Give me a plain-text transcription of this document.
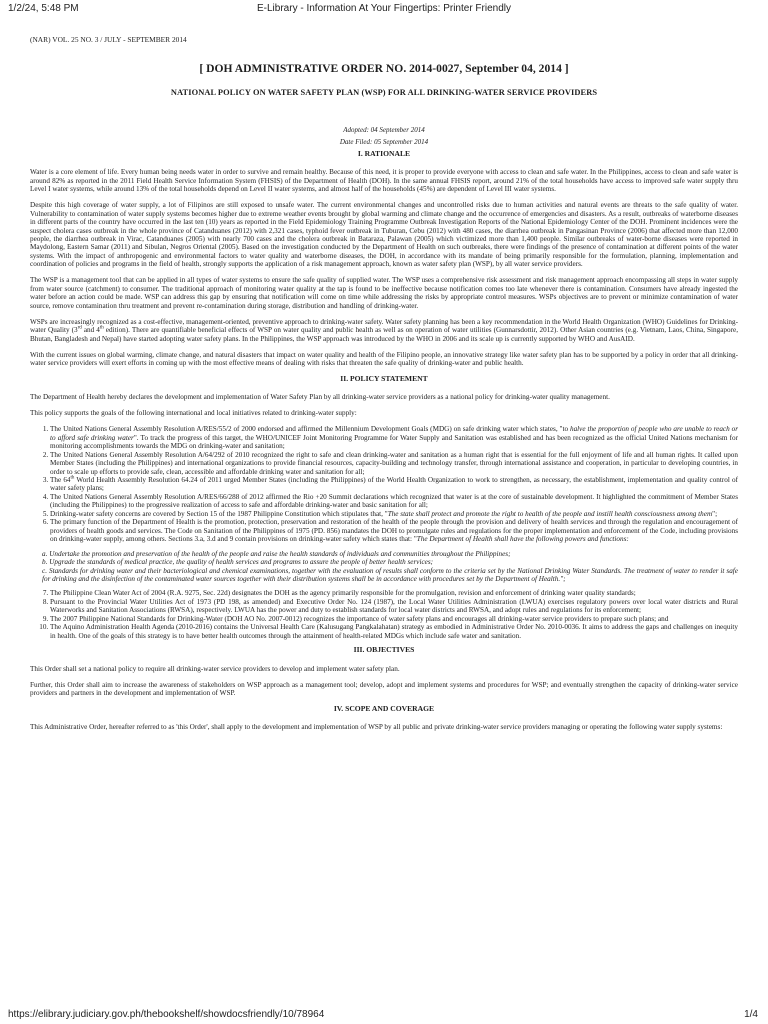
1/2/24, 5:48 PM	E-Library - Information At Your Fingertips: Printer Friendly
(NAR) VOL. 25 NO. 3 / JULY - SEPTEMBER 2014
[ DOH ADMINISTRATIVE ORDER NO. 2014-0027, September 04, 2014 ]
NATIONAL POLICY ON WATER SAFETY PLAN (WSP) FOR ALL DRINKING-WATER SERVICE PROVIDERS
Adopted: 04 September 2014
Date Filed: 05 September 2014
I. RATIONALE

Water is a core element of life. Every human being needs water in order to survive and remain healthy. Because of this need, it is proper to provide everyone with access to clean and safe water. In the Philippines, access to clean and safe water is around 82% as reported in the 2011 Field Health Service Information System (FHSIS) of the Department of Health (DOH). In the same annual FHSIS report, around 21% of the total households have access to improved safe water supply thru Level I water systems, while around 13% of the total households depend on Level II water systems, and almost half of the households (45%) are dependent of Level III water systems.

Despite this high coverage of water supply, a lot of Filipinos are still exposed to unsafe water. The current environmental changes and uncontrolled risks due to human activities and natural events are threats to the safe quality of water. Vulnerability to contamination of water supply systems becomes higher due to extreme weather events brought by global warming and climate change and the occurrence of emergencies and disasters. As a result, outbreaks of waterborne diseases in different parts of the country have occurred in the last ten (10) years as reported in the Field Epidemiology Training Programme Outbreak Investigation Reports of the National Epidemiology Center of the DOH. Prominent incidences were the suspect cholera cases outbreak in the whole province of Catanduanes (2012) with 2,321 cases, typhoid fever outbreak in Tuburan, Cebu (2012) with 480 cases, the diarrhea outbreak in Pangasinan Province (2006) that affected more than 12,000 people, the diarrhea outbreak in Virac, Catanduanes (2005) with nearly 700 cases and the cholera outbreak in Bataraza, Palawan (2005) which victimized more than 1,400 people. Similar outbreaks of water-borne diseases were reported in Maydolong, Eastern Samar (2011) and Sibulan, Negros Oriental (2005). Based on the investigation conducted by the Department of Health on such outbreaks, there were findings of the presence of contamination at different points of the water systems. With the impact of anthropogenic and environmental factors to water quality and waterborne diseases, the DOH, in accordance with its mandate of being primarily responsible for the formulation, planning, implementation and coordination of policies and programs in the field of health, strongly supports the application of a risk management approach, known as water safety plan (WSP), by all water service providers.

The WSP is a management tool that can be applied in all types of water systems to ensure the safe quality of supplied water. The WSP uses a comprehensive risk assessment and risk management approach encompassing all steps in water supply from water source (catchment) to consumer. The traditional approach of monitoring water quality at the tap is found to be ineffective because notification comes too late whenever there is contamination. Consumers have already ingested the water before an action could be made. WSP can address this gap by ensuring that notification will come on time while addressing the risks by appropriate control measures. WSPs objectives are to prevent or minimize contamination of water source, remove contamination thru treatment and prevent re-contamination during storage, distribution and handling of drinking-water.

WSPs are increasingly recognized as a cost-effective, management-oriented, preventive approach to drinking-water safety. Water safety planning has been a key recommendation in the World Health Organization (WHO) Guidelines for Drinking-water Quality (3rd and 4th edition). There are quantifiable beneficial effects of WSP on water quality and public health as well as on operation of water utilities (Gunnarsdottir, 2012). Other Asian countries (e.g. Vietnam, Laos, China, Singapore, Bhutan, Bangladesh and Nepal) have started adopting water safety plans. In the Philippines, the WSP approach was introduced by the WHO in 2006 and its scale up is currently supported by WHO and AusAID.

With the current issues on global warming, climate change, and natural disasters that impact on water quality and health of the Filipino people, an innovative strategy like water safety plan has to be supported by a policy in order that all drinking-water service providers will exert efforts in coming up with the most effective means of dealing with risks that threaten the safe quality of drinking-water and public health.

II. POLICY STATEMENT

The Department of Health hereby declares the development and implementation of Water Safety Plan by all drinking-water service providers as a national policy for drinking-water quality management.

This policy supports the goals of the following international and local initiatives related to drinking-water supply:

1. The United Nations General Assembly Resolution A/RES/55/2 of 2000 endorsed and affirmed the Millennium Development Goals (MDG) on safe drinking water which states, "to halve the proportion of people who are unable to reach or to afford safe drinking water". To track the progress of this target, the WHO/UNICEF Joint Monitoring Programme for Water Supply and Sanitation was established and has been recognized as the official United Nations mechanism for monitoring accomplishments towards the MDG on drinking-water and sanitation;
2. The United Nations General Assembly Resolution A/64/292 of 2010 recognized the right to safe and clean drinking-water and sanitation as a human right that is essential for the full enjoyment of life and all human rights. It called upon Member States (including the Philippines) and international organizations to provide financial resources, capacity-building and technology transfer, through international assistance and cooperation, in particular to developing countries, in order to scale up efforts to provide safe, clean, accessible and affordable drinking water and sanitation for all;
3. The 64th World Health Assembly Resolution 64.24 of 2011 urged Member States (including the Philippines) of the World Health Organization to work to strengthen, as necessary, the establishment, implementation and quality control of water safety plans;
4. The United Nations General Assembly Resolution A/RES/66/288 of 2012 affirmed the Rio +20 Summit declarations which recognized that water is at the core of sustainable development. It highlighted the commitment of Member States (including the Philippines) to the progressive realization of access to safe and affordable drinking-water and basic sanitation for all;
5. Drinking-water safety concerns are covered by Section 15 of the 1987 Philippine Constitution which stipulates that, "The state shall protect and promote the right to health of the people and instill health consciousness among them";
6. The primary function of the Department of Health is the promotion, protection, preservation and restoration of the health of the people through the provision and delivery of health services and through the regulation and encouragement of providers of health goods and services. The Code on Sanitation of the Philippines of 1975 (PD. 856) mandates the DOH to promulgate rules and regulations for the proper implementation and enforcement of the Code, including provisions on drinking-water supply, among others. Sections 3.a, 3.d and 9 contain provisions on drinking-water safety which states that: "The Department of Health shall have the following powers and functions:
a. Undertake the promotion and preservation of the health of the people and raise the health standards of individuals and communities throughout the Philippines;
b. Upgrade the standards of medical practice, the quality of health services and programs to assure the people of better health services;
c. Standards for drinking water and their bacteriological and chemical examinations, together with the evaluation of results shall conform to the criteria set by the National Drinking Water Standards. The treatment of water to render it safe for drinking and the disinfection of the contaminated water sources together with their distribution systems shall be in accordance with procedures set by the Department of Health.";
7. The Philippine Clean Water Act of 2004 (R.A. 9275, Sec. 22d) designates the DOH as the agency primarily responsible for the promulgation, revision and enforcement of drinking water quality standards;
8. Pursuant to the Provincial Water Utilities Act of 1973 (PD 198, as amended) and Executive Order No. 124 (1987), the Local Water Utilities Administration (LWUA) exercises regulatory powers over local water districts and Rural Waterworks and Sanitation Associations (RWSA), respectively. LWUA has the power and duty to establish standards for local water districts and RWSA, and adopt rules and regulations for its enforcement;
9. The 2007 Philippine National Standards for Drinking-Water (DOH AO No. 2007-0012) recognizes the importance of water safety plans and encourages all drinking-water service providers to prepare such plans; and
10. The Aquino Administration Health Agenda (2010-2016) contains the Universal Health Care (Kalusugang Pangkalahatan) strategy as embodied in Administrative Order No. 2010-0036. It aims to address the gaps and challenges on inequity in health. One of the goals of this strategy is to have better health outcomes through the attainment of health-related MDGs which include safe water and sanitation.
III. OBJECTIVES

This Order shall set a national policy to require all drinking-water service providers to develop and implement water safety plan.

Further, this Order shall aim to increase the awareness of stakeholders on WSP approach as a management tool; develop, adopt and implement systems and procedures for WSP; and eventually strengthen the capacity of drinking-water service providers and partners in the development and implementation of WSP.

IV. SCOPE AND COVERAGE

This Administrative Order, hereafter referred to as 'this Order', shall apply to the development and implementation of WSP by all public and private drinking-water service providers managing or operating the following water supply systems:

https://elibrary.judiciary.gov.ph/thebookshelf/showdocsfriendly/10/78964	1/4
